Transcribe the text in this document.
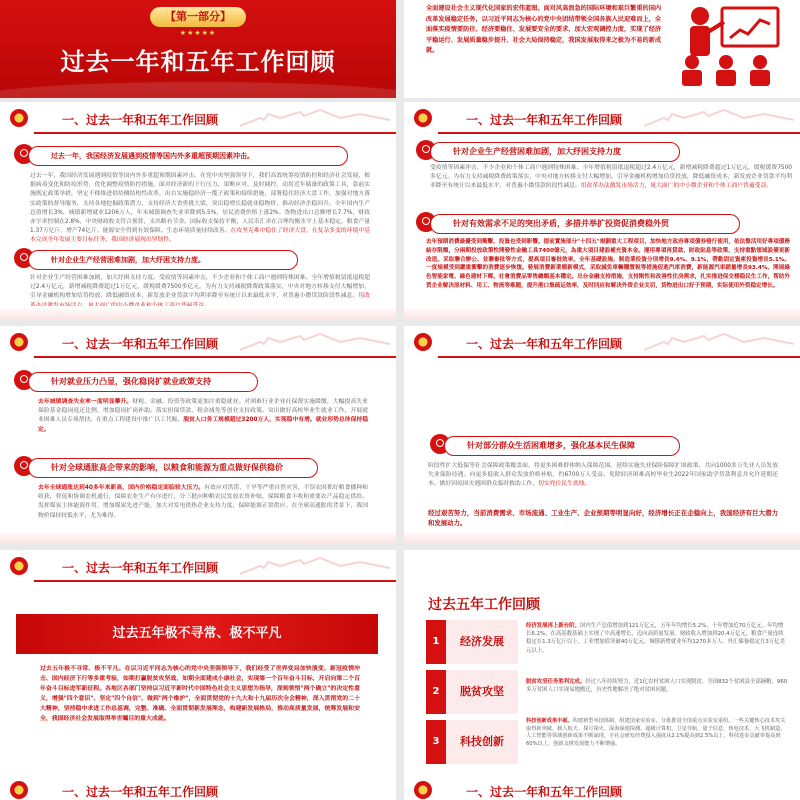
【第一部分】
★★★★★
过去一年和五年工作回顾
全面建设社会主义现代化国家的宏伟蓝图。面对风高浪急的国际环境和艰巨繁重的国内改革发展稳定任务，以习近平同志为核心的党中央团结带领全国各族人民迎难而上，全面落实疫情要防住、经济要稳住、发展要安全的要求，加大宏观调控力度，实现了经济平稳运行、发展质量稳步提升、社会大局保持稳定，我国发展取得来之极为不易的新成就。
一、过去一年和五年工作回顾
过去一年，我国经济发展遇到疫情等国内外多重超预期因素冲击。
过去一年，我国经济发展遇到疫情等国内外多重超预期因素冲击。在党中央坚强领导下，我们高效统筹疫情防控和经济社会发展，根据病毒变化和防疫形势，优化调整疫情防控措施，面对经济新的下行压力，果断应对、及时调控，动用近年储备的政策工具，靠前实施既定政策举措，坚定不移推进供给侧结构性改革，出台实施稳经济一揽子政策和接续措施，部署稳住经济大盘工作，加强对地方落实政策的督导服务，支持各地挖掘政策潜力，支持经济大省勇挑大梁，突出稳增长稳就业稳物价，推动经济企稳回升。全年国内生产总值增长3%，城镇新增就业1206万人，年末城镇调查失业率降到5.5%，居民消费价格上涨2%。货物进出口总额增长7.7%，财政赤字率控制在2.8%，中央财政收支符合预算，支出略有节余。国际收支保持平衡，人民币汇率在合理均衡水平上基本稳定。粮食产量1.37万亿斤，增产74亿斤。能源安全得到有效保障。生态环境质量持续改善。在攻坚克难中稳住了经济大盘，在复杂多变的环境中基本完成全年发展主要目标任务，我国经济展现出坚韧性。
针对企业生产经营困难加剧，加大纾困支持力度。
针对企业生产经营困难加剧，加大纾困支持力度。受疫情等因素冲击，不少企业和个体工商户遇到特殊困难。全年增值税留抵退税超过2.4万亿元，新增减税降费超过1万亿元，缓税缓费7500多亿元。为有力支持减税降费政策落实，中央对地方转移支付大幅增加，引导金融机构增加信贷投放，降低融资成本，新发放企业贷款平均利率降至有统计以来最低水平，对普惠小微贷款阶段性减息。用改
一、过去一年和五年工作回顾
针对企业生产经营困难加剧，加大纾困支持力度
受疫情等因素冲击，不少企业和个体工商户遇到特殊困难。全年增值税留抵退税超过2.4万亿元，新增减税降费超过1万亿元，缓税缓费7500多亿元。为有力支持减税降费政策落实，中央对地方转移支付大幅增加，引导金融机构增加信贷投放，降低融资成本，新发放企业贷款平均利率降至有统计以来最低水平，对普惠小微贷款阶段性减息。用改革办法激发市场活力，量大面广的中小微企业和个体工商户普遍受益。
针对有效需求不足的突出矛盾，多措并举扩投资促消费稳外贸
去年預期消費最優受到衝擊，投資也受到影響。提前實施部分"十四五"規劃重大工程項目，加快地方政府專項債券發行使用，依法盤活用好專項債務結存限額，分兩期投放政策性開發性金融工具7400億元，為重大項目建設補充資本金。運用專項再貸款、財政貼息等政策，支持重點領域設備更新改造。采取聯合辦公、並聯審批等方式，提高項目審批效率。全年基礎設施、制造業投資分別增長9.4%、9.1%，帶動固定資產投資增長5.1%。一度規模受到嚴重衝擊的消費逐步恢復。發展消費新業態新模式，采取減免車輛購置稅等措施促進汽車消費，新能源汽車銷量增長93.4%。開展綠色智能家電、綠色建材下鄉。社會消費品零售總額基本穩定。出台金融支持措施，支持刚性和改善性住房需求，扎实推进保交楼稳民生工作，帮助外贸企业解决原材料、用工、物流等难题，提升港口集疏运效率，及时回应和解决外资企业关切，货物进出口好于预期，实际使用外资稳定增长。
一、过去一年和五年工作回顾
针对就业压力凸显，强化稳岗扩就业政策支持
去年城镇调查失业率一度明显攀升。财税、金融、投资等政策更加注重稳就业。对困难行业企业社保费实施缓缴，大幅提高失业保险基金稳岗返还比例，增加稳岗扩岗补助。落实担保贷款、租金减免等创业支持政策。突出做好高校毕业生就业工作，开展就业困难人员专项帮扶。在重点工程建设中推广以工代赈。脱贫人口务工规模超过3200万人，实现稳中有增。就业形势总体保持稳定。
针对全球通胀高企带来的影响，以粮食和能源为重点做好保供稳价
去年全球通胀达到40多年来新高，国内价格稳定面临较大压力。有效应对洪涝、干旱等严重自然灾害，不误农时抓好粮食播种和收获，督促和协调农机通行，保障农业生产有序进行，分三批向种粮农民发放农资补贴，保障粮食丰收和重要农产品稳定供给。发挥煤炭主体能源作用，增加煤炭先进产能，加大对发电供热企业支持力度，保障能源正常供应。在全球高通胀的背景下，我国物价保持较低水平，尤为难得。
一、过去一年和五年工作回顾
针对部分群众生活困难增多，强化基本民生保障
阶段性扩大低保等社会保障政策覆盖面，将更多困难群体纳入保障范围。延续实施失业保险保障扩围政策，共向1000多万失业人员发放失业保险待遇。向更多低收入群众发放价格补贴，约6700万人受益。免除经济困难高校毕业生2022年国家助学贷款利息并允许延期还本。做好因疫因灾遇困群众临时救助工作，切实兜住民生底线。
经过艰苦努力，当前消费需求、市场流通、工业生产、企业预期等明显向好，经济增长正在企稳向上，我国经济有巨大潜力和发展动力。
一、过去一年和五年工作回顾
过去五年极不寻常、极不平凡
过去五年极不寻常、极不平凡。在以习近平同志为核心的党中央坚强领导下，我们经受了世界变局加快演变、新冠疫情冲击、国内经济下行等多重考验，如期打赢脱贫攻坚战，如期全面建成小康社会，实现第一个百年奋斗目标，开启向第二个百年奋斗目标进军新征程。各地区各部门坚持以习近平新时代中国特色社会主义思想为指导，深刻领悟"两个确立"的决定性意义，增强"四个意识"、坚定"四个自信"、做到"两个维护"，全面贯彻党的十九大和十九届历次全会精神，深入贯彻党的二十大精神，坚持稳中求进工作总基调，完整、准确、全面贯彻新发展理念，构建新发展格局，推动高质量发展，统筹发展和安全，我国经济社会发展取得举世瞩目的重大成就。
一、过去一年和五年工作回顾
过去五年工作回顾
1	经济发展
经济发展再上新台阶。国内生产总值增加到121万亿元，五年年均增长5.2%，十年增加近70万亿元。年均增长6.2%，在高基数基础上实现了中高速增长，迈向高质量发展。财政收入增加到20.4万亿元。粮食产量连续稳定在1.3万亿斤以上。工业增加值突破40万亿元。城镇新增就业年均1270多万人。外汇储备稳定在3万亿美元以上。
2	脱贫攻坚
脱贫攻坚任务胜利完成。经过八年持续努力，近1亿农村贫困人口实现脱贫，全国832个贫困县全部摘帽，960多万贫困人口实现易地搬迁，历史性地解决了绝对贫困问题。
3	科技创新
科技创新成果丰硕。构建新型举国体制，组建国家实验室，分批推进全国重点实验室重组。一些关键核心技术攻关取得新突破，载人航天、探月探火、深海深地探测、超级计算机、卫星导航、量子信息、核电技术、大飞机制造、人工智能等领域创新成果不断涌现。全社会研发经费投入强度从2.1%提高到2.5%以上，科技进步贡献率提高到60%以上，创新支撑发展能力不断增强。
一、过去一年和五年工作回顾
